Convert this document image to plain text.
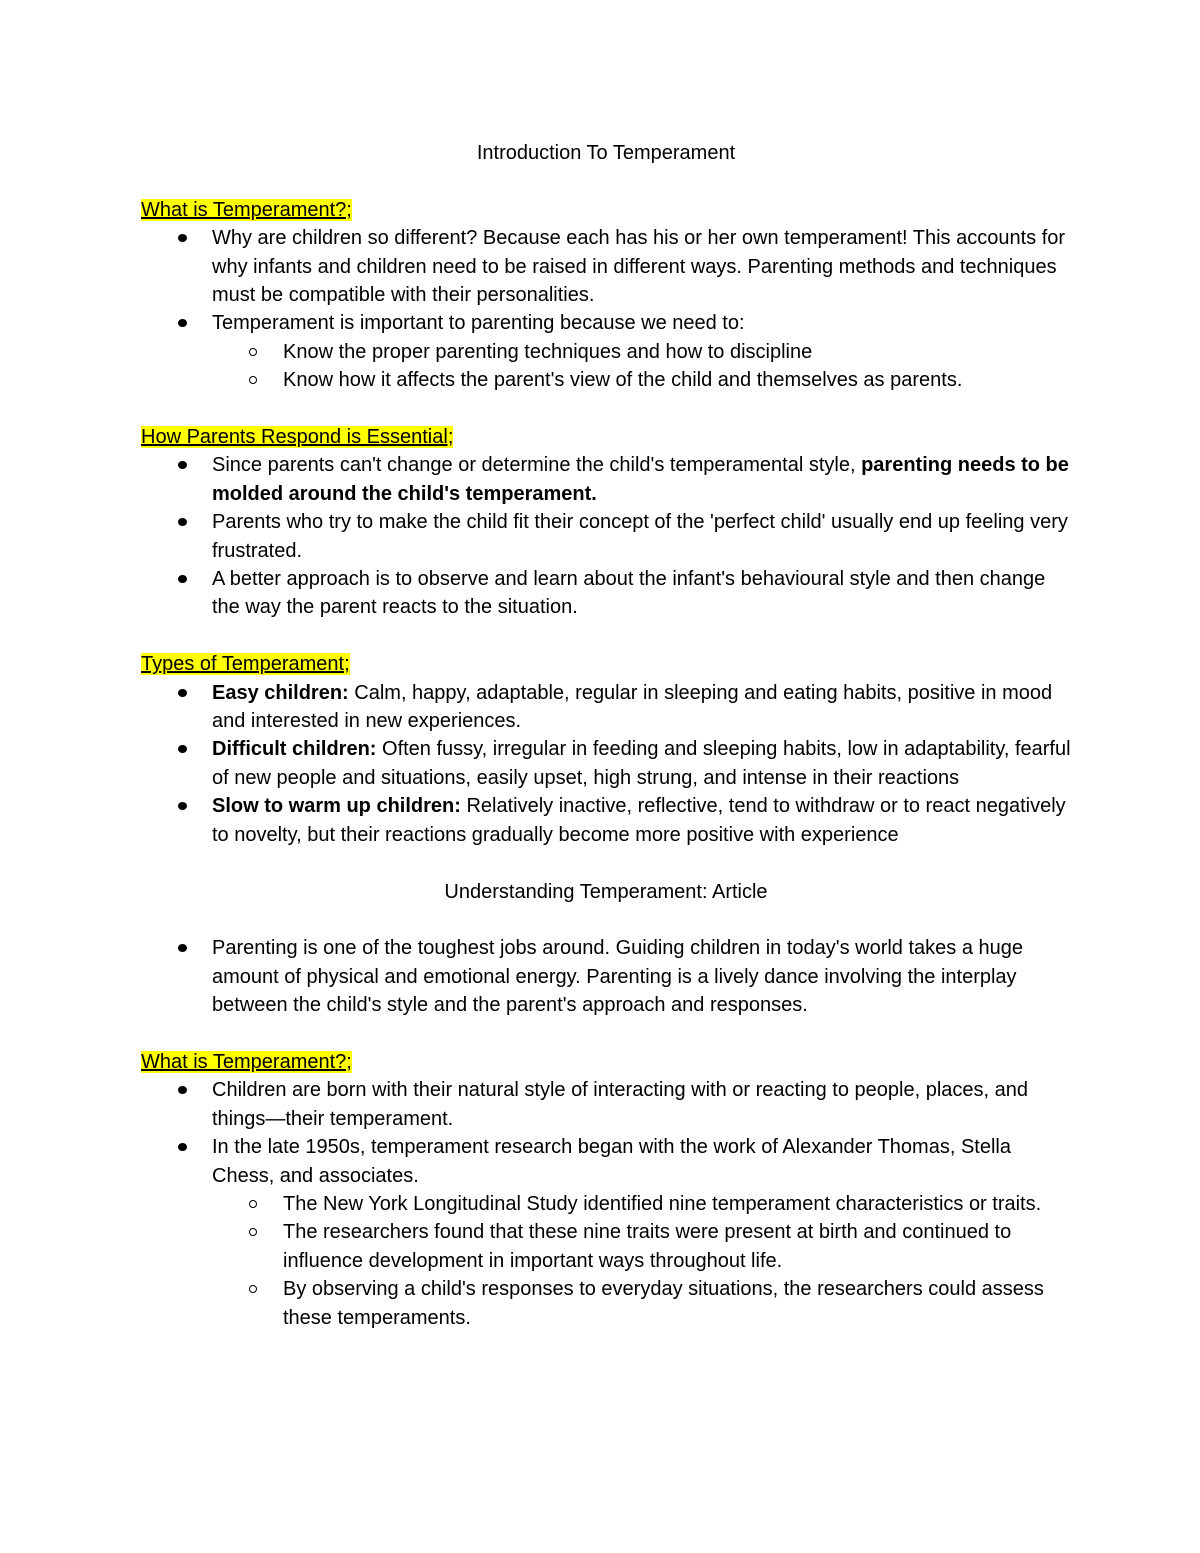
Introduction To Temperament

What is Temperament?;

Why are children so different? Because each has his or her own temperament! This accounts for why infants and children need to be raised in different ways. Parenting methods and techniques must be compatible with their personalities.
Temperament is important to parenting because we need to:
Know the proper parenting techniques and how to discipline
Know how it affects the parent's view of the child and themselves as parents.

How Parents Respond is Essential;

Since parents can't change or determine the child's temperamental style, parenting needs to be molded around the child's temperament.
Parents who try to make the child fit their concept of the 'perfect child' usually end up feeling very frustrated.
A better approach is to observe and learn about the infant's behavioural style and then change the way the parent reacts to the situation.

Types of Temperament;

Easy children: Calm, happy, adaptable, regular in sleeping and eating habits, positive in mood and interested in new experiences.
Difficult children: Often fussy, irregular in feeding and sleeping habits, low in adaptability, fearful of new people and situations, easily upset, high strung, and intense in their reactions
Slow to warm up children: Relatively inactive, reflective, tend to withdraw or to react negatively to novelty, but their reactions gradually become more positive with experience

Understanding Temperament: Article

Parenting is one of the toughest jobs around. Guiding children in today's world takes a huge amount of physical and emotional energy. Parenting is a lively dance involving the interplay between the child's style and the parent's approach and responses.

What is Temperament?;

Children are born with their natural style of interacting with or reacting to people, places, and things—their temperament.
In the late 1950s, temperament research began with the work of Alexander Thomas, Stella Chess, and associates.
The New York Longitudinal Study identified nine temperament characteristics or traits.
The researchers found that these nine traits were present at birth and continued to influence development in important ways throughout life.
By observing a child's responses to everyday situations, the researchers could assess these temperaments.
